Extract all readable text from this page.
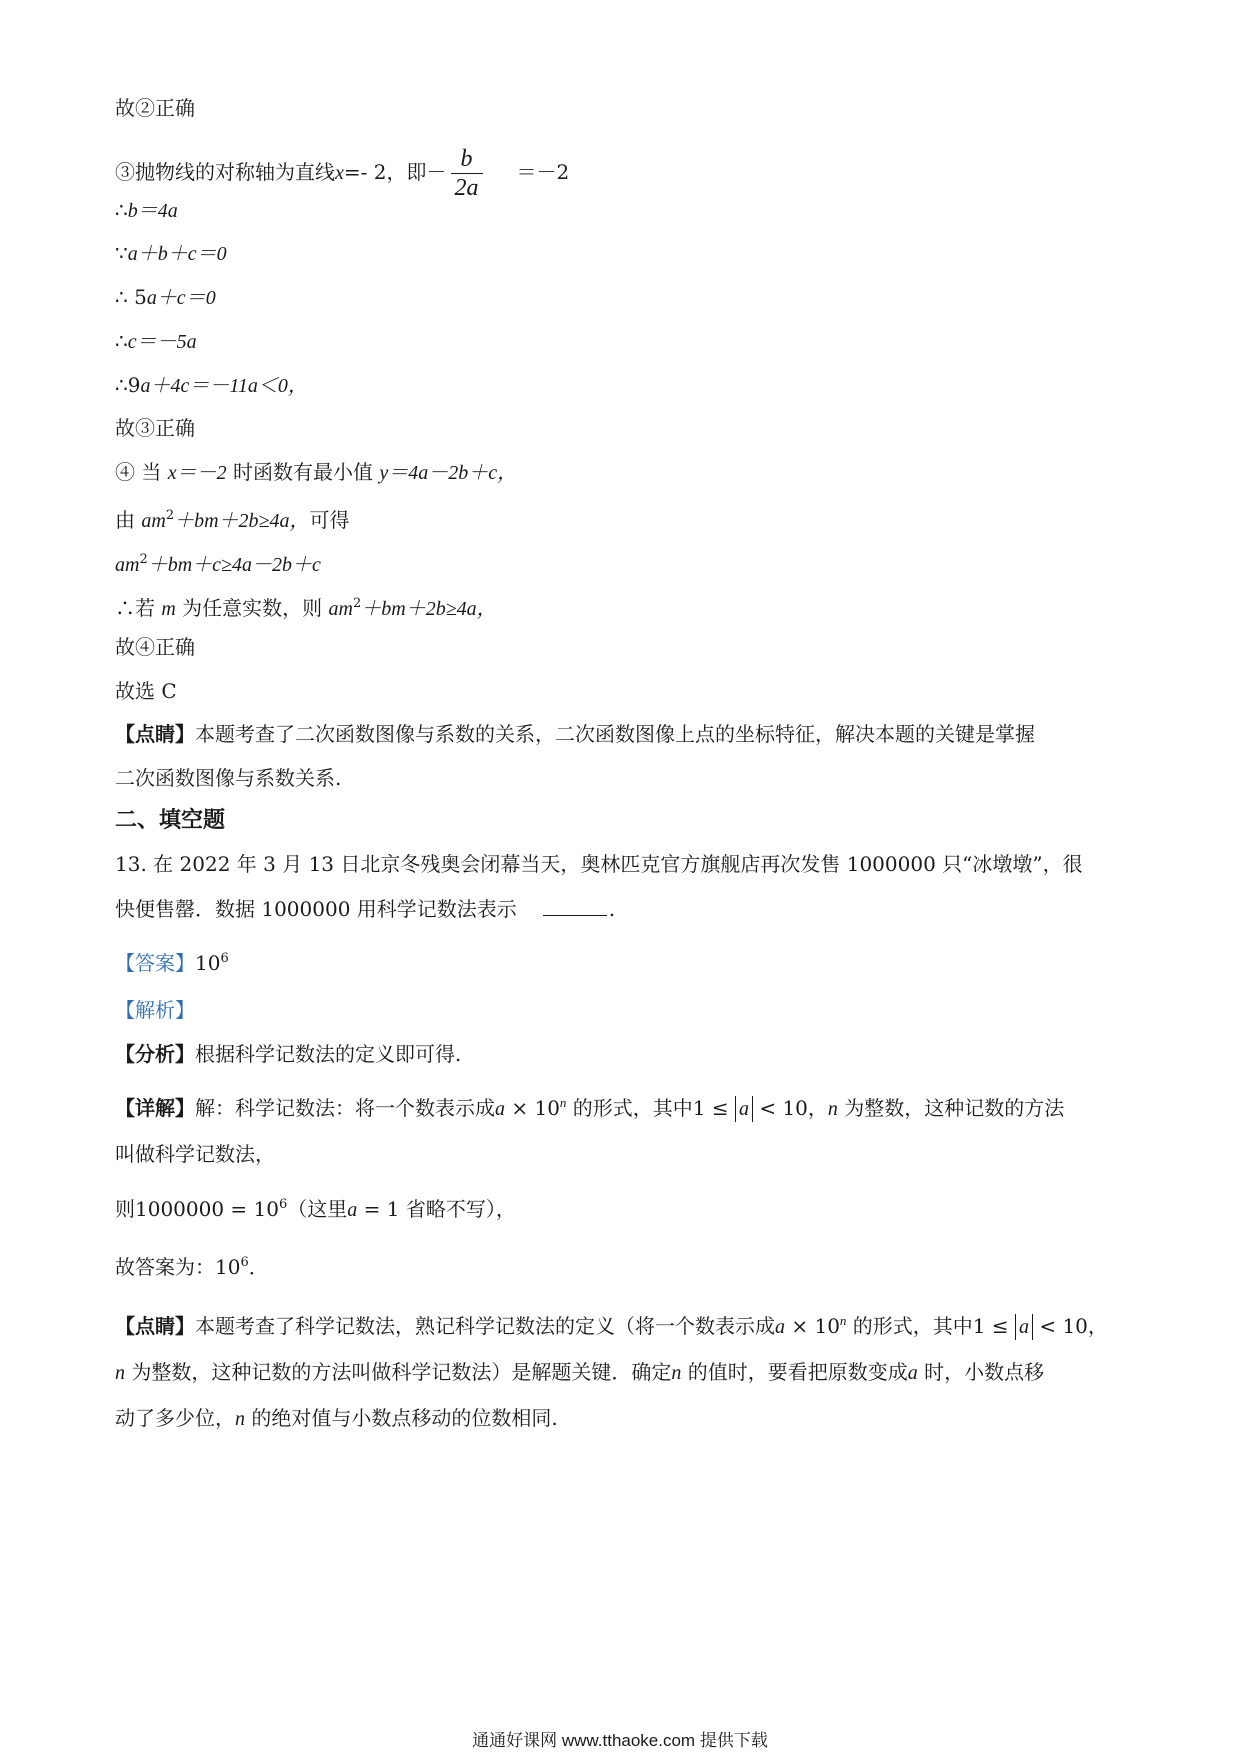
故②正确
③抛物线的对称轴为直线x=- 2，即－ $\frac{b}{2a} =-2$
∴b＝4a
∵a＋b＋c＝0
∴ 5a＋c＝0
∴c＝－5a
∴9a＋4c＝－11a＜0，
故③正确
④ 当 x＝－2 时函数有最小值 y＝4a－2b＋c，
由 $am^2+bm+2b\ge 4a$，可得
$am^2+bm+c\ge 4a-2b+c$
∴若 m 为任意实数，则 $am^2+bm+2b\ge 4a$，
故④正确
故选 C
【点睛】本题考查了二次函数图像与系数的关系，二次函数图像上点的坐标特征，解决本题的关键是掌握
二次函数图像与系数关系.
二、填空题
13. 在 2022 年 3 月 13 日北京冬残奥会闭幕当天，奥林匹克官方旗舰店再次发售 1000000 只“冰墩墩”，很
快便售罄．数据 1000000 用科学记数法表示	.
【答案】$10^6$
【解析】
【分析】根据科学记数法的定义即可得.
【详解】解：科学记数法：将一个数表示成$a \times 10^n$ 的形式，其中1 ≤ a < 10，n 为整数，这种记数的方法
叫做科学记数法，
则$1000000 = 10^6$（这里a = 1 省略不写），
故答案为：$10^6$．
【点睛】本题考查了科学记数法，熟记科学记数法的定义（将一个数表示成$a \times 10^n$ 的形式，其中1 ≤ a < 10，
n 为整数，这种记数的方法叫做科学记数法）是解题关键．确定n 的值时，要看把原数变成a 时，小数点移
动了多少位，n 的绝对值与小数点移动的位数相同.
通通好课网 www.tthaoke.com 提供下载
